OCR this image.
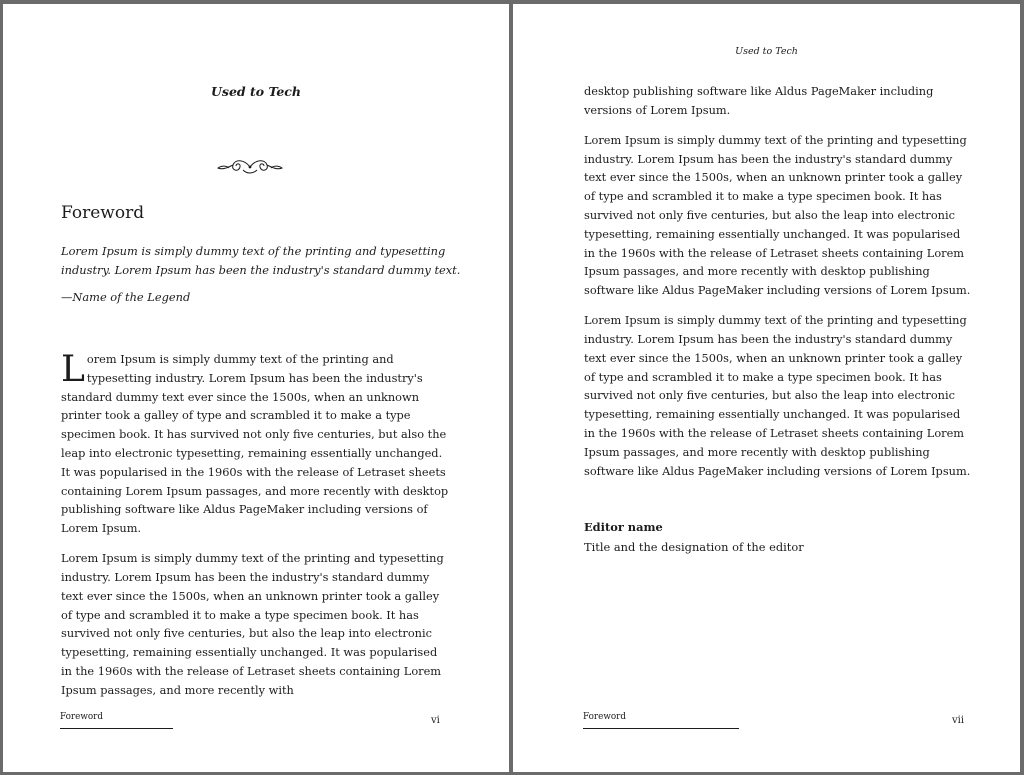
Used to Tech
Foreword

Lorem Ipsum is simply dummy text of the printing and typesetting industry. Lorem Ipsum has been the industry's standard dummy text.

—Name of the Legend

Lorem Ipsum is simply dummy text of the printing and typesetting industry. Lorem Ipsum has been the industry's standard dummy text ever since the 1500s, when an unknown printer took a galley of type and scrambled it to make a type specimen book. It has survived not only five centuries, but also the leap into electronic typesetting, remaining essentially unchanged. It was popularised in the 1960s with the release of Letraset sheets containing Lorem Ipsum passages, and more recently with desktop publishing software like Aldus PageMaker including versions of Lorem Ipsum.

Lorem Ipsum is simply dummy text of the printing and typesetting industry. Lorem Ipsum has been the industry's standard dummy text ever since the 1500s, when an unknown printer took a galley of type and scrambled it to make a type specimen book. It has survived not only five centuries, but also the leap into electronic typesetting, remaining essentially unchanged. It was popularised in the 1960s with the release of Letraset sheets containing Lorem Ipsum passages, and more recently with

Foreword	vi
Used to Tech

desktop publishing software like Aldus PageMaker including versions of Lorem Ipsum.

Lorem Ipsum is simply dummy text of the printing and typesetting industry. Lorem Ipsum has been the industry's standard dummy text ever since the 1500s, when an unknown printer took a galley of type and scrambled it to make a type specimen book. It has survived not only five centuries, but also the leap into electronic typesetting, remaining essentially unchanged. It was popularised in the 1960s with the release of Letraset sheets containing Lorem Ipsum passages, and more recently with desktop publishing software like Aldus PageMaker including versions of Lorem Ipsum.

Lorem Ipsum is simply dummy text of the printing and typesetting industry. Lorem Ipsum has been the industry's standard dummy text ever since the 1500s, when an unknown printer took a galley of type and scrambled it to make a type specimen book. It has survived not only five centuries, but also the leap into electronic typesetting, remaining essentially unchanged. It was popularised in the 1960s with the release of Letraset sheets containing Lorem Ipsum passages, and more recently with desktop publishing software like Aldus PageMaker including versions of Lorem Ipsum.

Editor name

Title and the designation of the editor

Foreword	vii
